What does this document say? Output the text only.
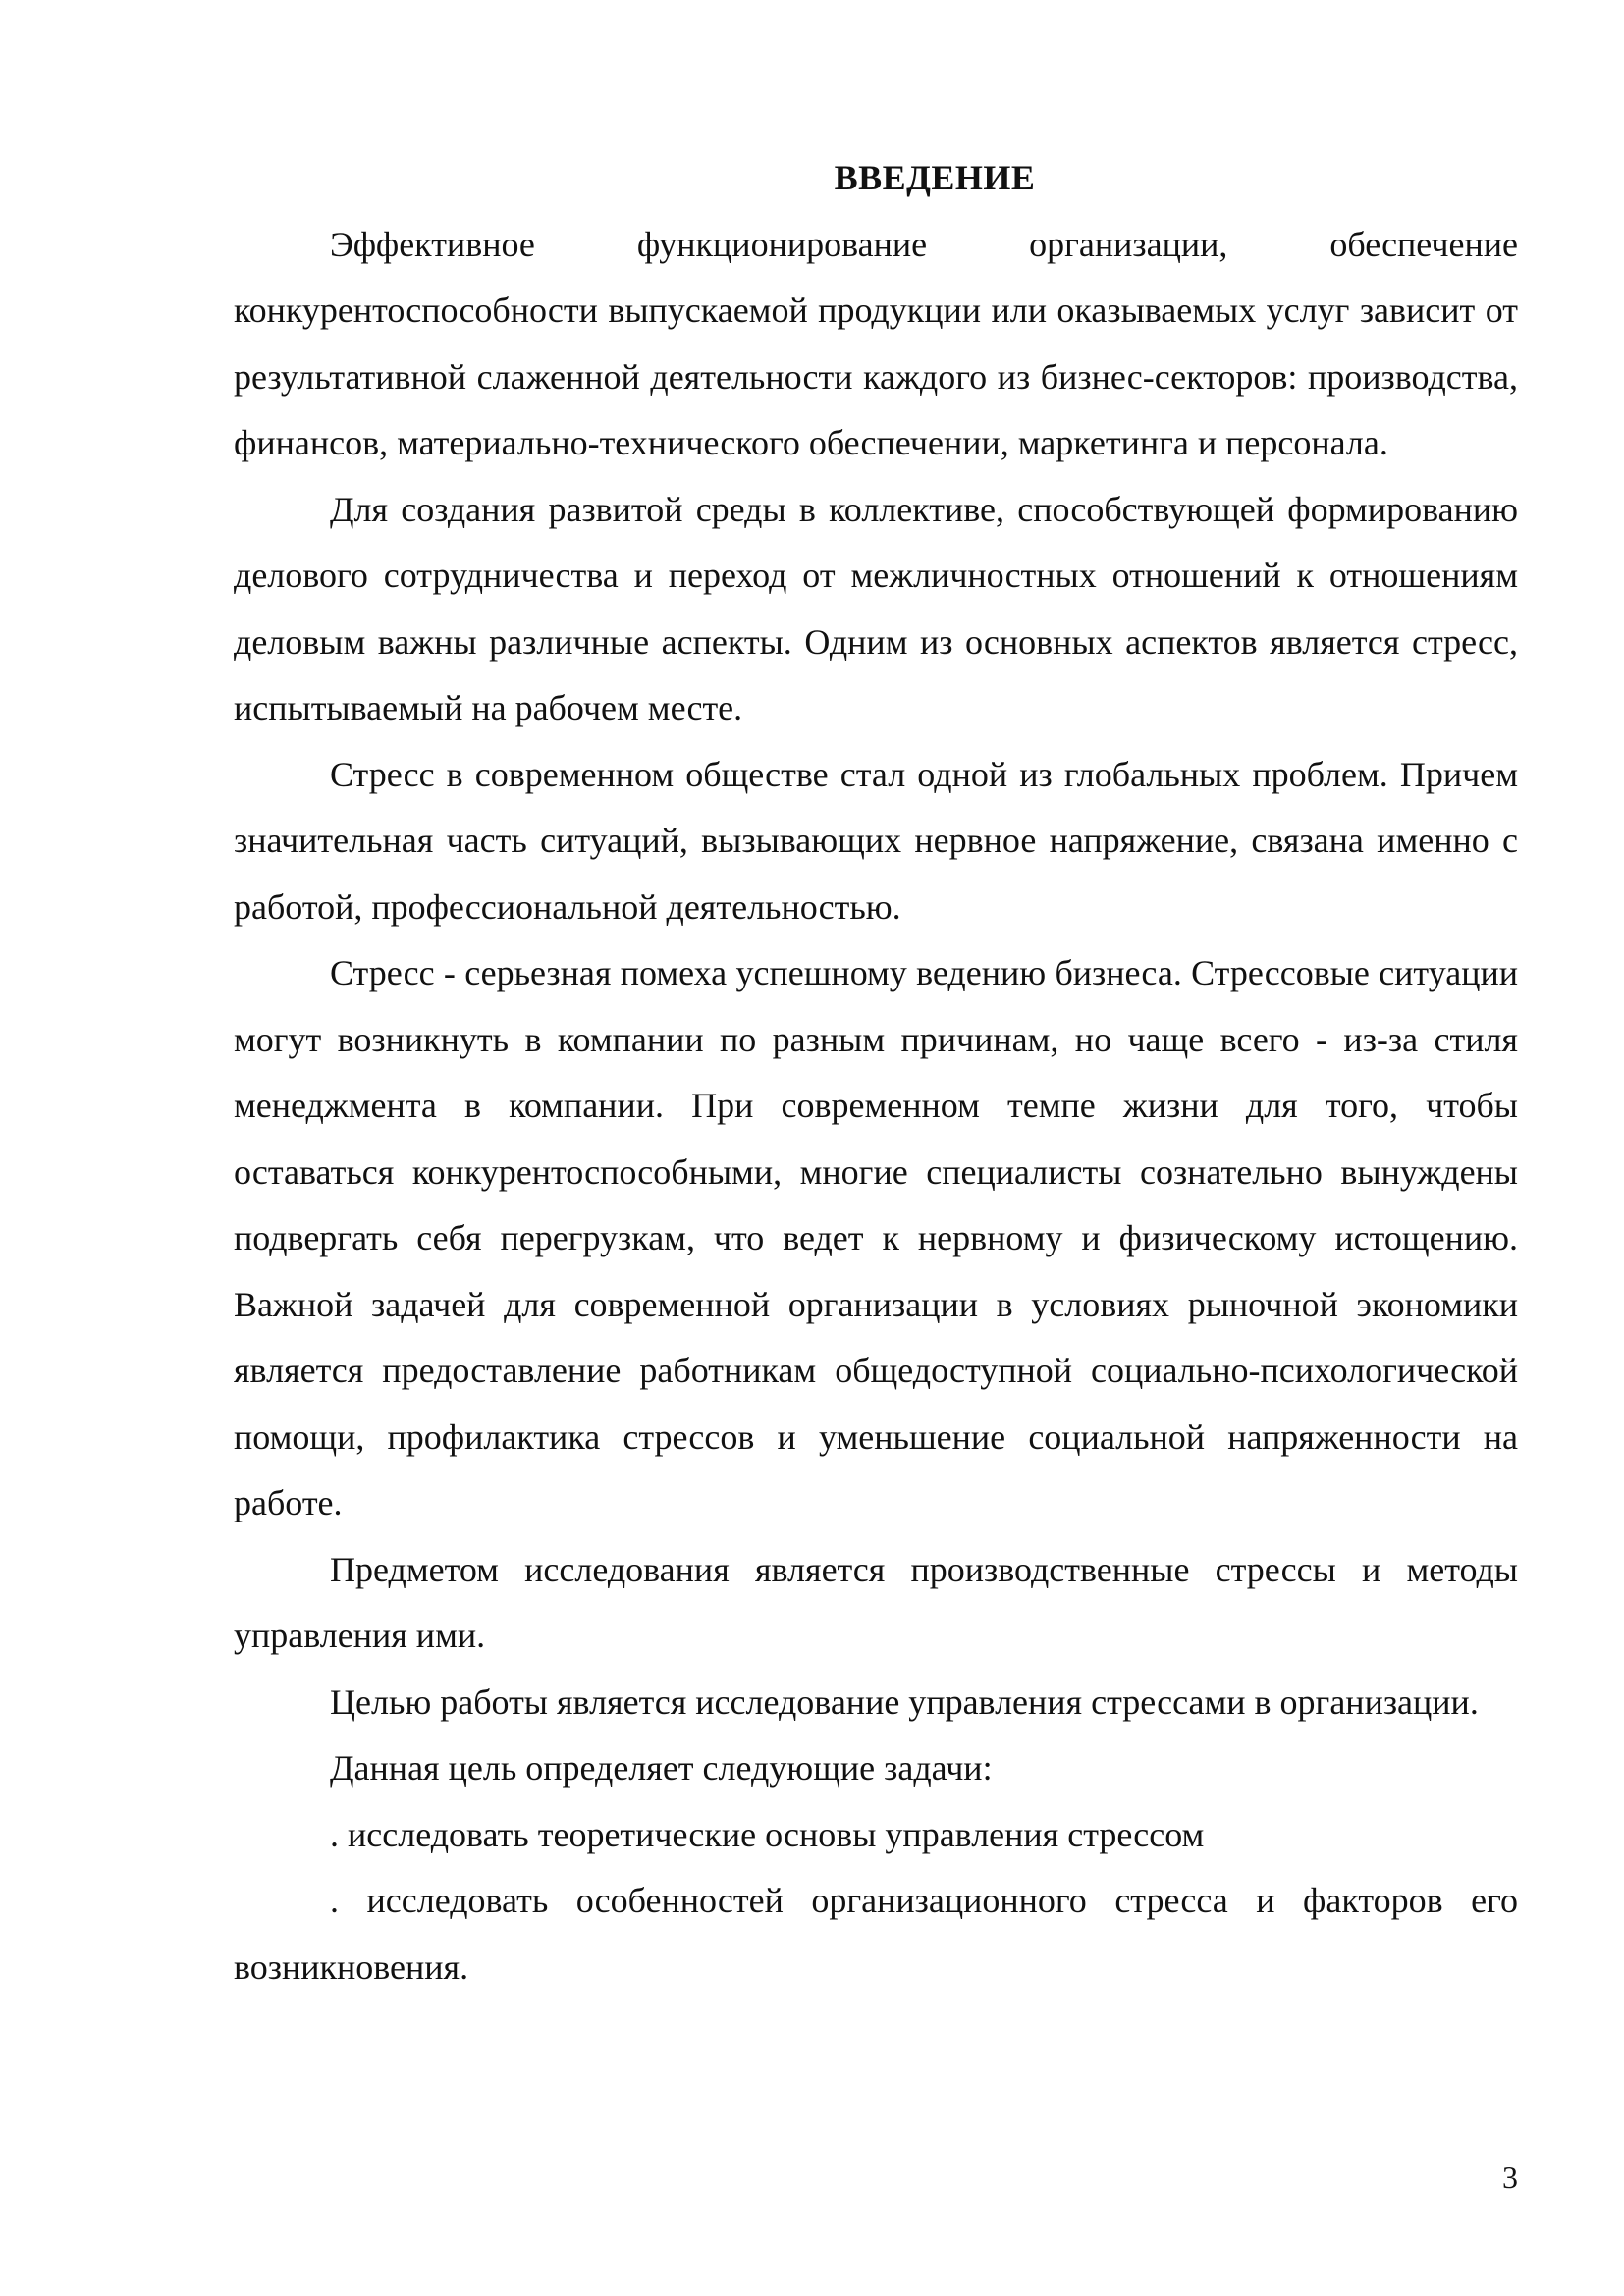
ВВЕДЕНИЕ

Эффективное функционирование организации, обеспечение конкурентоспособности выпускаемой продукции или оказываемых услуг зависит от результативной слаженной деятельности каждого из бизнес-секторов: производства, финансов, материально-технического обеспечении, маркетинга и персонала.

Для создания развитой среды в коллективе, способствующей формированию делового сотрудничества и переход от межличностных отношений к отношениям деловым важны различные аспекты. Одним из основных аспектов является стресс, испытываемый на рабочем месте.

Стресс в современном обществе стал одной из глобальных проблем. Причем значительная часть ситуаций, вызывающих нервное напряжение, связана именно с работой, профессиональной деятельностью.

Стресс - серьезная помеха успешному ведению бизнеса. Стрессовые ситуации могут возникнуть в компании по разным причинам, но чаще всего - из-за стиля менеджмента в компании. При современном темпе жизни для того, чтобы оставаться конкурентоспособными, многие специалисты сознательно вынуждены подвергать себя перегрузкам, что ведет к нервному и физическому истощению. Важной задачей для современной организации в условиях рыночной экономики является предоставление работникам общедоступной социально-психологической помощи, профилактика стрессов и уменьшение социальной напряженности на работе.

Предметом исследования является производственные стрессы и методы управления ими.

Целью работы является исследование управления стрессами в организации.

Данная цель определяет следующие задачи:

. исследовать теоретические основы управления стрессом

. исследовать особенностей организационного стресса и факторов его возникновения.

3
